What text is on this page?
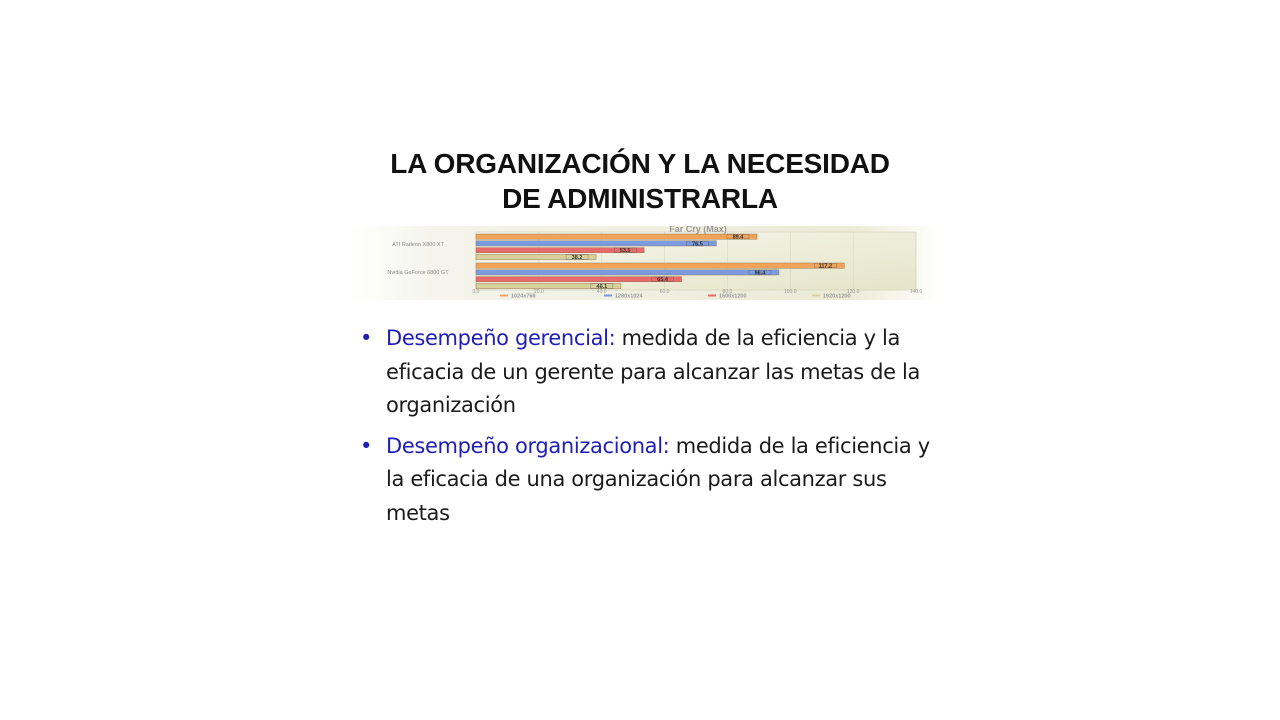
LA ORGANIZACIÓN Y LA NECESIDAD
DE ADMINISTRARLA
Far Cry (Max)
ATI Radeon X800 XT
Nvidia GeForce 6800 GT
89.4
76.5
53.5
38.2
117.2
96.4
65.4
46.1
0.0	20.0	40.0	60.0	80.0	100.0	120.0	140.0
1024x768	1280x1024	1600x1200	1920x1200
• Desempeño gerencial: medida de la eficiencia y la eficacia de un gerente para alcanzar las metas de la organización
• Desempeño organizacional: medida de la eficiencia y la eficacia de una organización para alcanzar sus metas
